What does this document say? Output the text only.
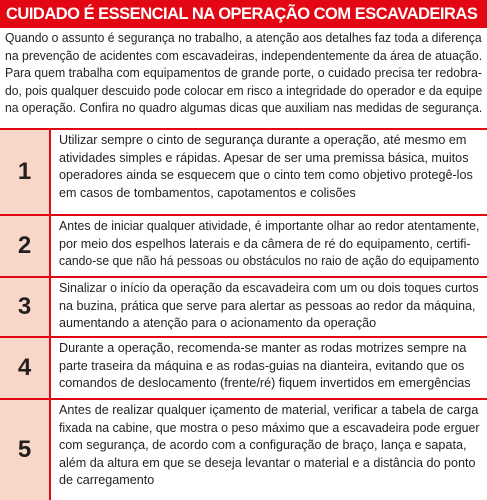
CUIDADO É ESSENCIAL NA OPERAÇÃO COM ESCAVADEIRAS
Quando o assunto é segurança no trabalho, a atenção aos detalhes faz toda a diferença
na prevenção de acidentes com escavadeiras, independentemente da área de atuação.
Para quem trabalha com equipamentos de grande porte, o cuidado precisa ter redobra-
do, pois qualquer descuido pode colocar em risco a integridade do operador e da equipe
na operação. Confira no quadro algumas dicas que auxiliam nas medidas de segurança.
1
Utilizar sempre o cinto de segurança durante a operação, até mesmo em
atividades simples e rápidas. Apesar de ser uma premissa básica, muitos
operadores ainda se esquecem que o cinto tem como objetivo protegê-los
em casos de tombamentos, capotamentos e colisões
2
Antes de iniciar qualquer atividade, é importante olhar ao redor atentamente,
por meio dos espelhos laterais e da câmera de ré do equipamento, certifi-
cando-se que não há pessoas ou obstáculos no raio de ação do equipamento
3
Sinalizar o início da operação da escavadeira com um ou dois toques curtos
na buzina, prática que serve para alertar as pessoas ao redor da máquina,
aumentando a atenção para o acionamento da operação
4
Durante a operação, recomenda-se manter as rodas motrizes sempre na
parte traseira da máquina e as rodas-guias na dianteira, evitando que os
comandos de deslocamento (frente/ré) fiquem invertidos em emergências
5
Antes de realizar qualquer içamento de material, verificar a tabela de carga
fixada na cabine, que mostra o peso máximo que a escavadeira pode erguer
com segurança, de acordo com a configuração de braço, lança e sapata,
além da altura em que se deseja levantar o material e a distância do ponto
de carregamento
